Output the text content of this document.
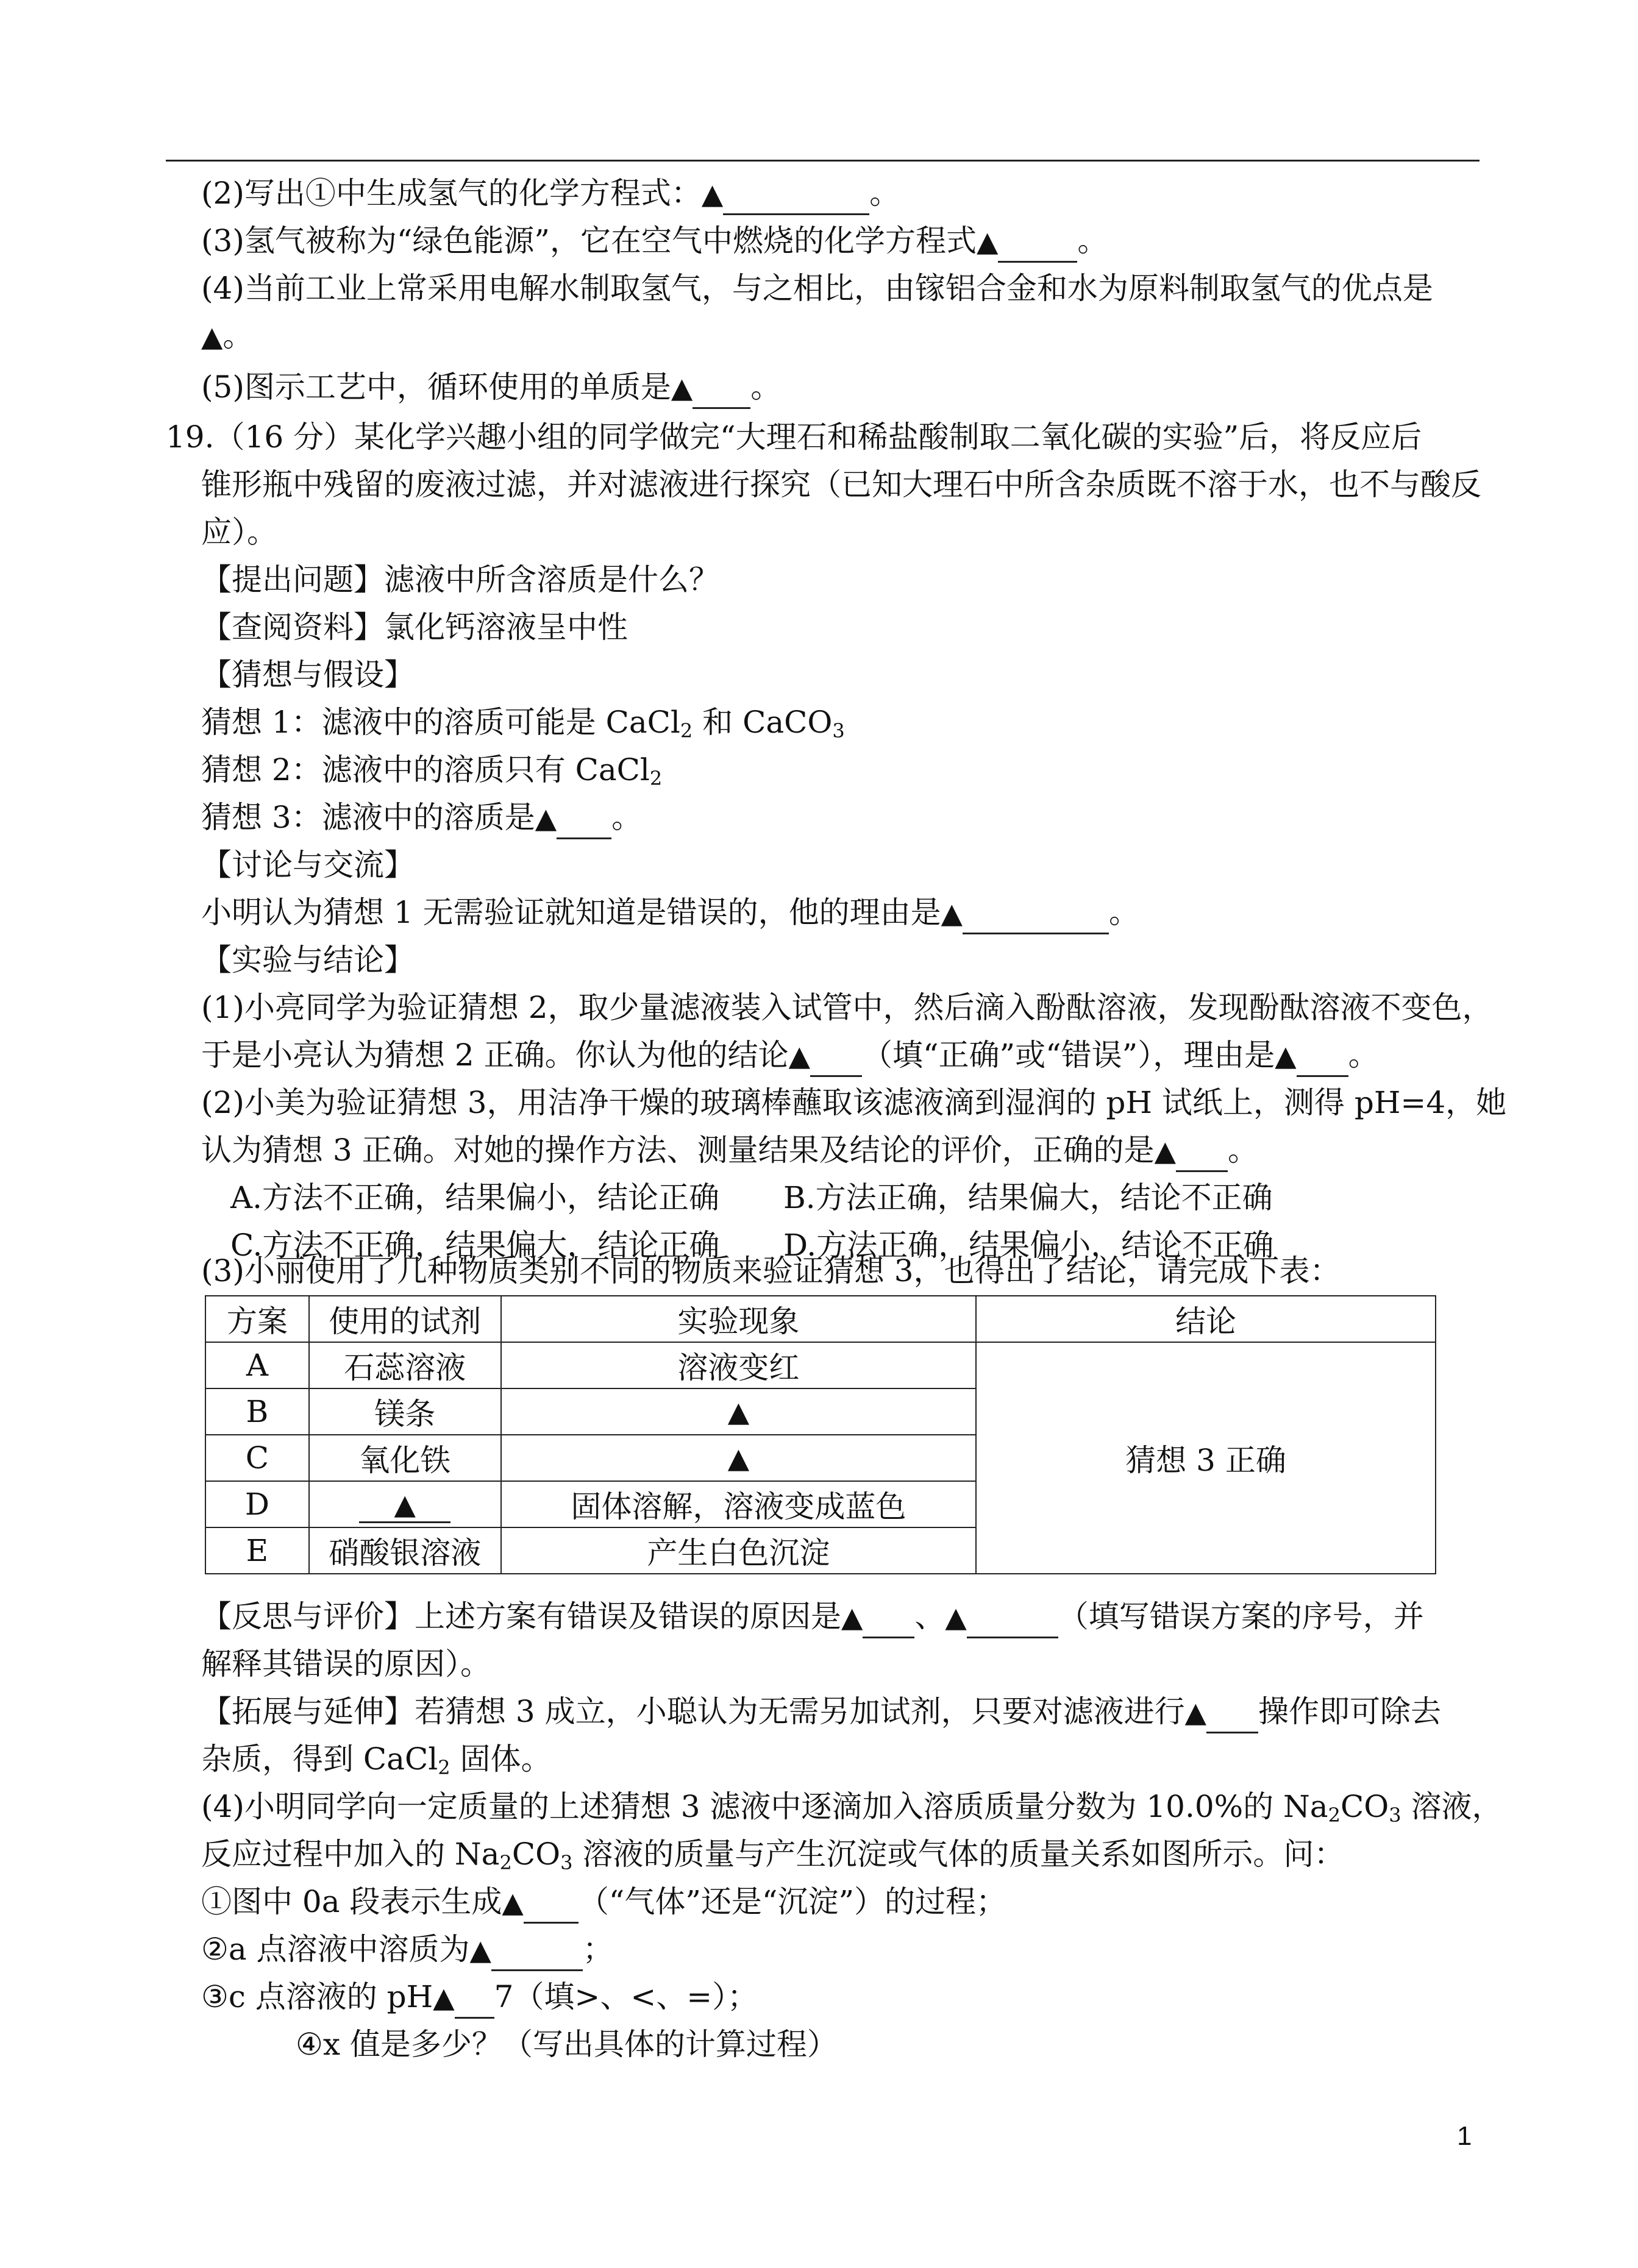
(2)写出①中生成氢气的化学方程式：▲	。
(3)氢气被称为“绿色能源”，它在空气中燃烧的化学方程式▲	。
(4)当前工业上常采用电解水制取氢气，与之相比，由镓铝合金和水为原料制取氢气的优点是
▲。
(5)图示工艺中，循环使用的单质是▲ 。
19.（16 分）某化学兴趣小组的同学做完“大理石和稀盐酸制取二氧化碳的实验”后，将反应后
锥形瓶中残留的废液过滤，并对滤液进行探究（已知大理石中所含杂质既不溶于水，也不与酸反
应）。
【提出问题】滤液中所含溶质是什么？
【查阅资料】氯化钙溶液呈中性
【猜想与假设】
猜想 1：滤液中的溶质可能是 CaCl$_2$ 和 CaCO$_3$
猜想 2：滤液中的溶质只有 CaCl$_2$
猜想 3：滤液中的溶质是▲ 。
【讨论与交流】
小明认为猜想 1 无需验证就知道是错误的，他的理由是▲	。
【实验与结论】
(1)小亮同学为验证猜想 2，取少量滤液装入试管中，然后滴入酚酞溶液，发现酚酞溶液不变色，
于是小亮认为猜想 2 正确。你认为他的结论▲ （填“正确”或“错误”），理由是▲ 。
(2)小美为验证猜想 3，用洁净干燥的玻璃棒蘸取该滤液滴到湿润的 pH 试纸上，测得 pH=4，她
认为猜想 3 正确。对她的操作方法、测量结果及结论的评价，正确的是▲ 。
A.方法不正确，结果偏小，结论正确 B.方法正确，结果偏大，结论不正确
C.方法不正确，结果偏大，结论正确 D.方法正确，结果偏小，结论不正确
(3)小丽使用了几种物质类别不同的物质来验证猜想 3，也得出了结论，请完成下表：
方案	使用的试剂	实验现象	结论
A	石蕊溶液	溶液变红	猜想 3 正确
B	镁条	▲	
C	氧化铁	▲	
D	▲	固体溶解，溶液变成蓝色	
E	硝酸银溶液	产生白色沉淀	
【反思与评价】上述方案有错误及错误的原因是▲ 、▲	（填写错误方案的序号，并
解释其错误的原因）。
【拓展与延伸】若猜想 3 成立，小聪认为无需另加试剂，只要对滤液进行▲ 操作即可除去
杂质，得到 CaCl$_2$ 固体。
(4)小明同学向一定质量的上述猜想 3 滤液中逐滴加入溶质质量分数为 10.0%的 $Na_2CO_3$ 溶液，
反应过程中加入的 $Na_2CO_3$ 溶液的质量与产生沉淀或气体的质量关系如图所示。问：
①图中 0a 段表示生成▲ （“气体”还是“沉淀”）的过程；
②a 点溶液中溶质为▲	；
③c 点溶液的 pH▲ 7（填>、<、=）；
④x 值是多少？（写出具体的计算过程）
1
